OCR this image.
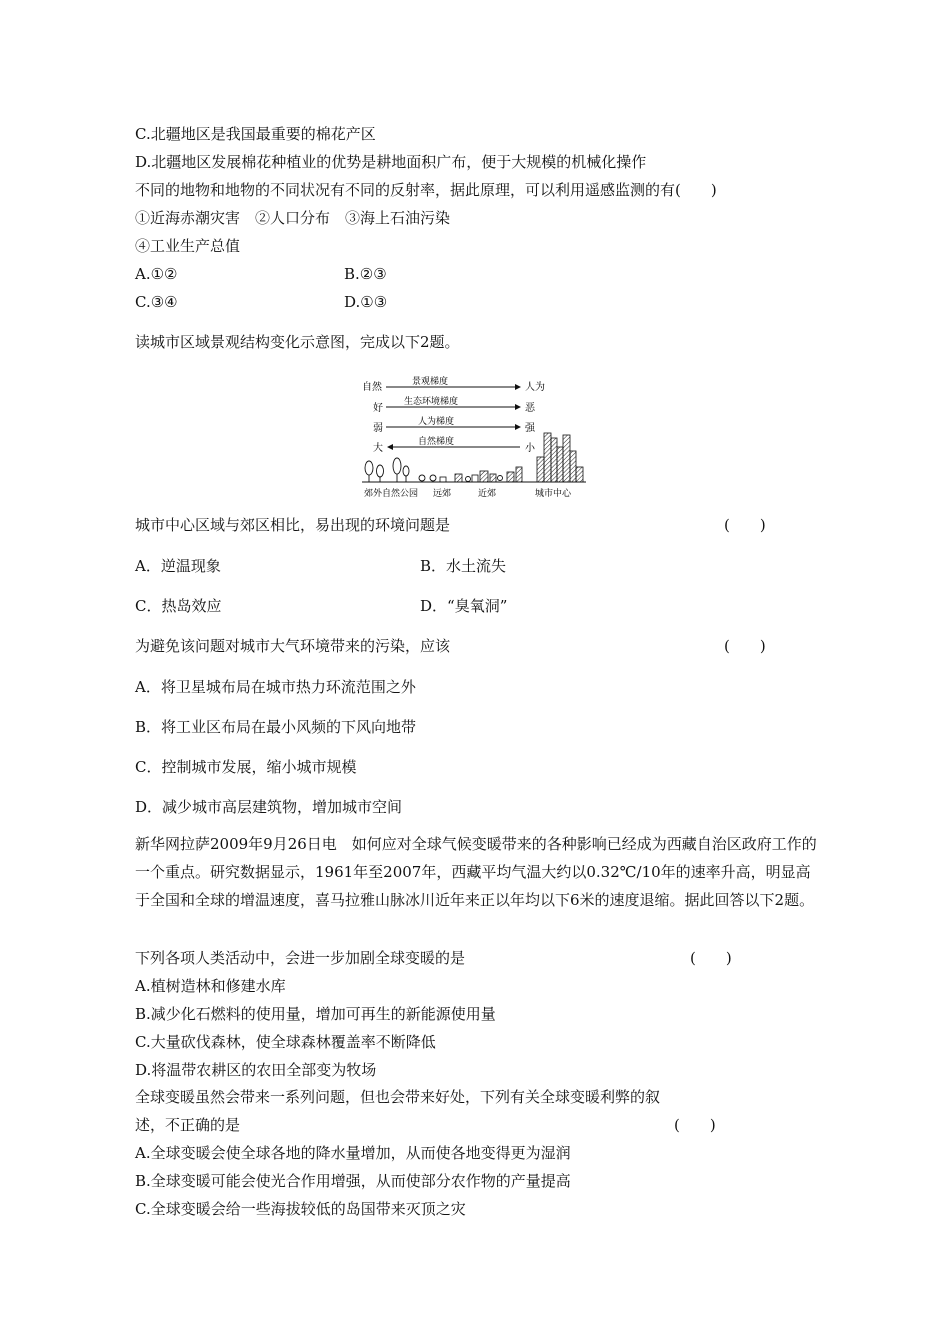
C.北疆地区是我国最重要的棉花产区
D.北疆地区发展棉花种植业的优势是耕地面积广布，便于大规模的机械化操作
不同的地物和地物的不同状况有不同的反射率，据此原理，可以利用遥感监测的有(　　)
①近海赤潮灾害　②人口分布　③海上石油污染
④工业生产总值
A.①②	B.②③
C.③④	D.①③
读城市区域景观结构变化示意图，完成以下2题。
自然	景观梯度	人为
好
生态环境梯度
恶
弱
人为梯度
强
大
自然梯度
小
郊外自然公园 远郊	近郊	城市中心
城市中心区域与郊区相比，易出现的环境问题是	(　　)
A．逆温现象	B．水土流失
C．热岛效应	D．“臭氧洞”
为避免该问题对城市大气环境带来的污染，应该	(　　)
A．将卫星城布局在城市热力环流范围之外
B．将工业区布局在最小风频的下风向地带
C．控制城市发展，缩小城市规模
D．减少城市高层建筑物，增加城市空间
新华网拉萨2009年9月26日电　如何应对全球气候变暖带来的各种影响已经成为西藏自治区政府工作的一个重点。研究数据显示，1961年至2007年，西藏平均气温大约以0.32℃/10年的速率升高，明显高于全国和全球的增温速度，喜马拉雅山脉冰川近年来正以年均以下6米的速度退缩。据此回答以下2题。
下列各项人类活动中，会进一步加剧全球变暖的是	(　　)
A.植树造林和修建水库
B.减少化石燃料的使用量，增加可再生的新能源使用量
C.大量砍伐森林，使全球森林覆盖率不断降低
D.将温带农耕区的农田全部变为牧场
全球变暖虽然会带来一系列问题，但也会带来好处，下列有关全球变暖利弊的叙
述，不正确的是	(　　)
A.全球变暖会使全球各地的降水量增加，从而使各地变得更为湿润
B.全球变暖可能会使光合作用增强，从而使部分农作物的产量提高
C.全球变暖会给一些海拔较低的岛国带来灭顶之灾
